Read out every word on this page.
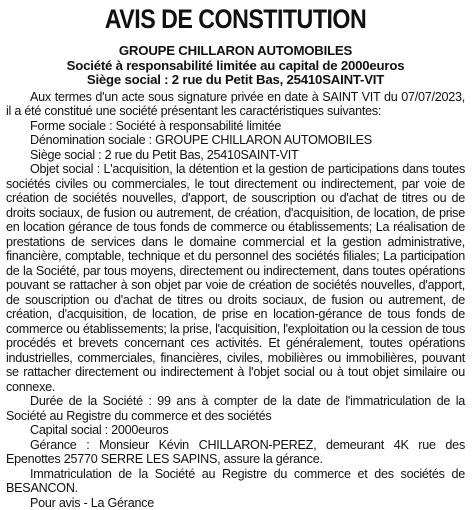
AVIS DE CONSTITUTION
GROUPE CHILLARON AUTOMOBILES
Société à responsabilité limitée au capital de 2000euros
Siège social : 2 rue du Petit Bas, 25410SAINT-VIT

Aux termes d'un acte sous signature privée en date à SAINT VIT du 07/07/2023, il a été constitué une société présentant les caractéristiques suivantes:

Forme sociale : Société à responsabilité limitée

Dénomination sociale : GROUPE CHILLARON AUTOMOBILES

Siège social : 2 rue du Petit Bas, 25410SAINT-VIT

Objet social : L'acquisition, la détention et la gestion de participations dans toutes sociétés civiles ou commerciales, le tout directement ou indirectement, par voie de création de sociétés nouvelles, d'apport, de souscription ou d'achat de titres ou de droits sociaux, de fusion ou autrement, de création, d'acquisition, de location, de prise en location gérance de tous fonds de commerce ou établissements; La réalisation de prestations de services dans le domaine commercial et la gestion administrative, financière, comptable, technique et du personnel des sociétés filiales; La participation de la Société, par tous moyens, directement ou indirectement, dans toutes opérations pouvant se rattacher à son objet par voie de création de sociétés nouvelles, d'apport, de souscription ou d'achat de titres ou droits sociaux, de fusion ou autrement, de création, d'acquisition, de location, de prise en location-gérance de tous fonds de commerce ou établissements; la prise, l'acquisition, l'exploitation ou la cession de tous procédés et brevets concernant ces activités. Et généralement, toutes opérations industrielles, commerciales, financières, civiles, mobilières ou immobilières, pouvant se rattacher directement ou indirectement à l'objet social ou à tout objet similaire ou connexe.

Durée de la Société : 99 ans à compter de la date de l'immatriculation de la Société au Registre du commerce et des sociétés

Capital social : 2000euros

Gérance : Monsieur Kévin CHILLARON-PEREZ, demeurant 4K rue des Epenottes 25770 SERRE LES SAPINS, assure la gérance.

Immatriculation de la Société au Registre du commerce et des sociétés de BESANCON.

Pour avis - La Gérance
